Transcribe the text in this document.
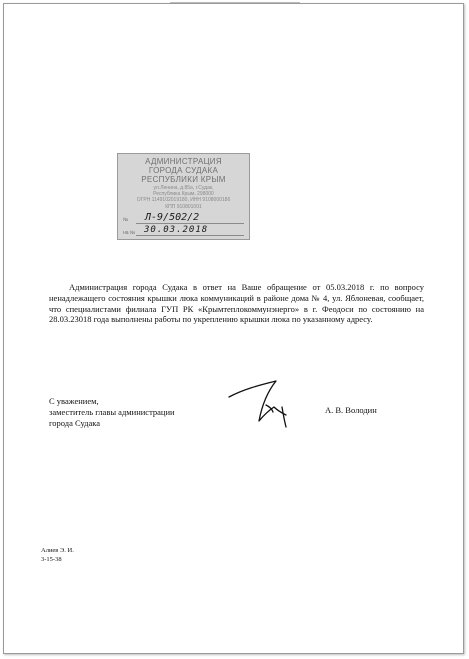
АДМИНИСТРАЦИЯ
ГОРОДА СУДАКА
РЕСПУБЛИКИ КРЫМ
ул.Ленина, д.85а, г.Судак,
Республика Крым, 298000
ОГРН 1149102019180, ИНН 9108000186
КПП 910801001
№
на №
Л-9/502/2
30.03.2018

Администрация города Судака в ответ на Ваше обращение от 05.03.2018 г. по вопросу ненадлежащего состояния крышки люка коммуникаций в районе дома № 4, ул. Яблоневая, сообщает, что специалистами филиала ГУП РК «Крымтеплокоммунэнерго» в г. Феодоси по состоянию на 28.03.23018 года выполнены работы по укреплению крышки люка по указанному адресу.

С уважением,
заместитель главы администрации
города Судака
А. В. Володин
Алиев Э. И.
3-15-38
